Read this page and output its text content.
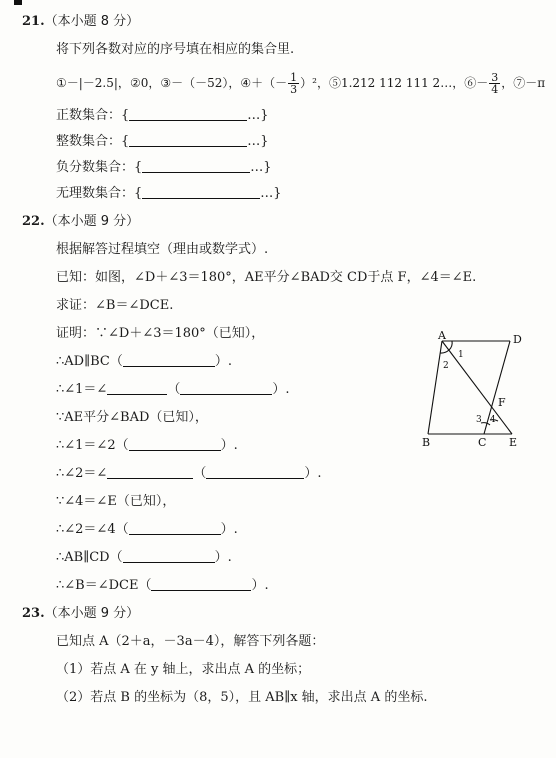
21.（本小题 8 分）
将下列各数对应的序号填在相应的集合里.
①－|－2.5|，②0，③－（－52），④＋（－ $\frac{1}{3} )^2$，⑤1.212 112 111 2…，⑥－ $\frac{3}{4}$ ，⑦－π
正数集合：{	…}
整数集合：{	…}
负分数集合：{	…}
无理数集合：{	…}
22.（本小题 9 分）
根据解答过程填空（理由或数学式）.
已知：如图，∠D＋∠3＝180°，AE平分∠BAD交 CD于点 F，∠4＝∠E.
求证：∠B＝∠DCE.
证明：∵∠D＋∠3＝180°（已知），
∴AD∥BC（	）.
∴∠1＝∠	（	）.
∵AE平分∠BAD（已知），
∴∠1＝∠2（	）.
∴∠2＝∠	（	）.
∵∠4＝∠E（已知），
∴∠2＝∠4（	）.
∴AB∥CD（	）.
∴∠B＝∠DCE（	）.
A	D
B	C E
F
1
2
3 4
23.（本小题 9 分）
已知点 A（2＋a，－3a－4），解答下列各题：
（1）若点 A 在 y 轴上，求出点 A 的坐标；
（2）若点 B 的坐标为（8，5），且 AB∥x 轴，求出点 A 的坐标.
